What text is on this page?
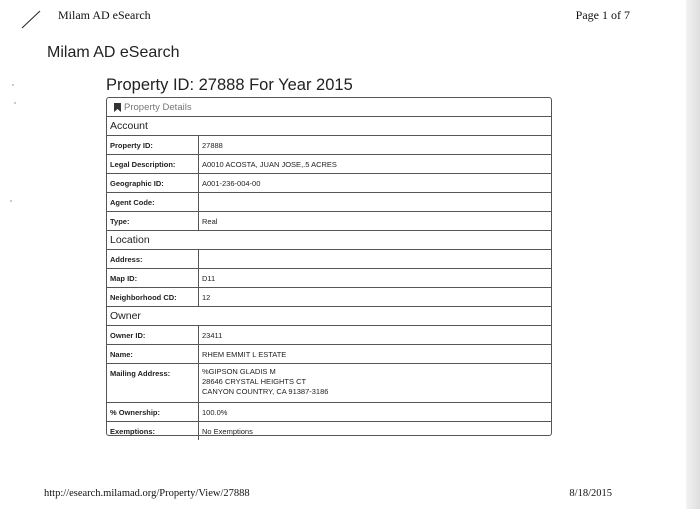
Milam AD eSearch	Page 1 of 7
Milam AD eSearch
Property ID: 27888 For Year 2015
Property Details
Account
Property ID:	27888
Legal Description:	A0010 ACOSTA, JUAN JOSE,.5 ACRES
Geographic ID:	A001-236-004-00
Agent Code:
Type:	Real
Location
Address:
Map ID:	D11
Neighborhood CD:	12
Owner
Owner ID:	23411
Name:	RHEM EMMIT L ESTATE
Mailing Address:	%GIPSON GLADIS M
28646 CRYSTAL HEIGHTS CT
CANYON COUNTRY, CA 91387-3186
% Ownership:	100.0%
Exemptions:	No Exemptions
http://esearch.milamad.org/Property/View/27888	8/18/2015
